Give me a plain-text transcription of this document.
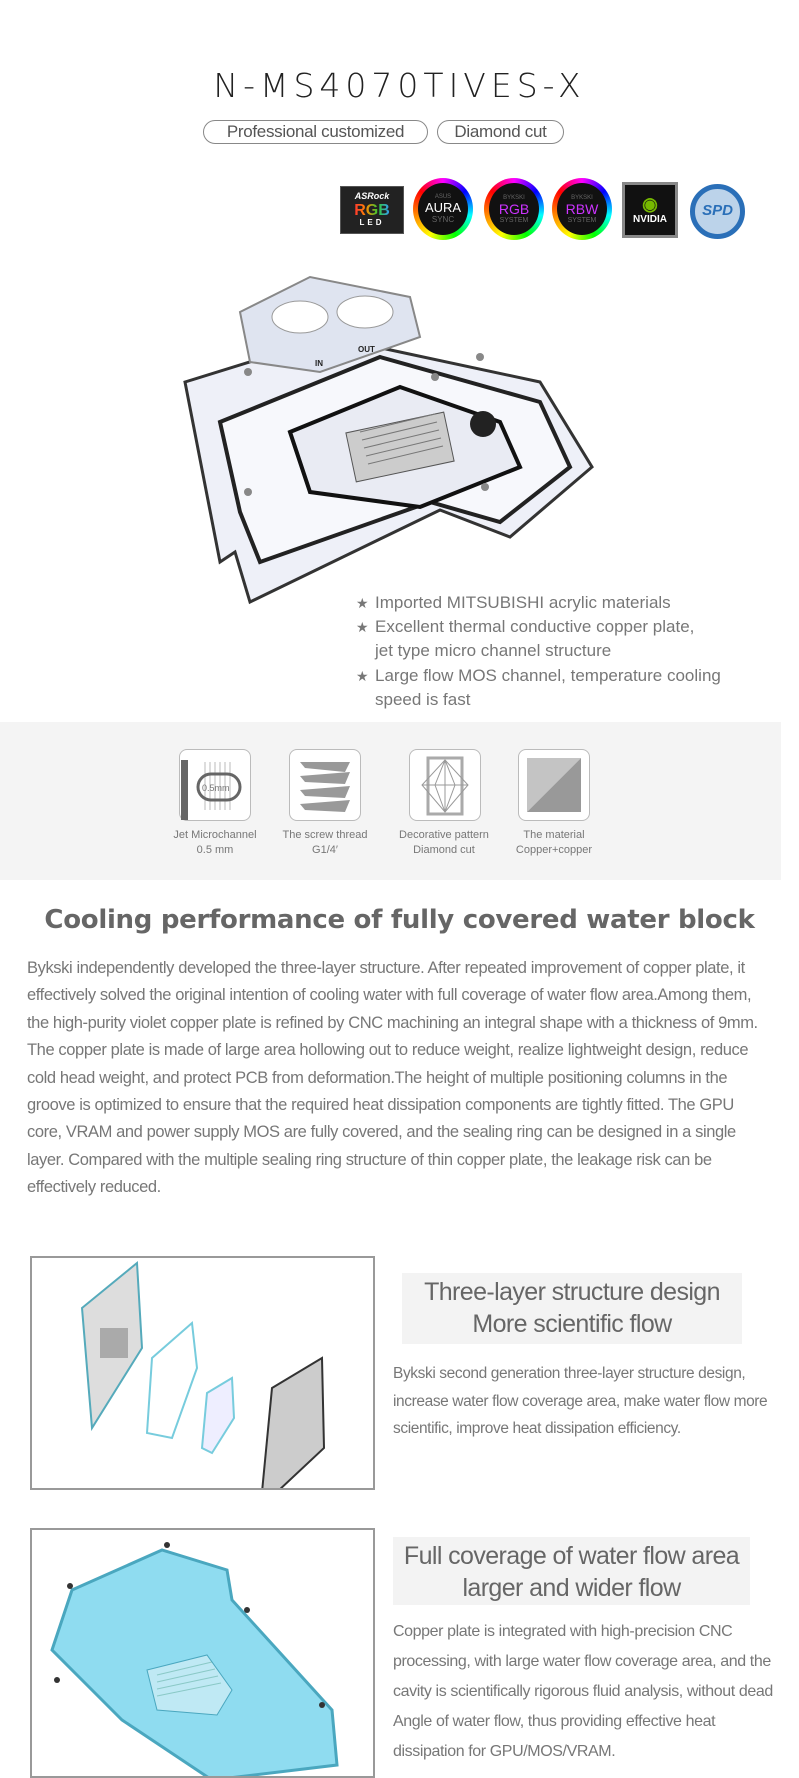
N-MS4070TIVES-X
Professional customized	Diamond cut
ASRock
RGB
LED
ASUS
AURA
SYNC
BYKSKI
RGB
SYSTEM
BYKSKI
RBW
SYSTEM
◉
NVIDIA
SPD
IN
OUT
★ Imported MITSUBISHI acrylic materials
★ Excellent thermal conductive copper plate,
jet type micro channel structure
★ Large flow MOS channel, temperature cooling
speed is fast
0.5mm
Jet Microchannel
0.5 mm
The screw thread
G1/4′
Decorative pattern
Diamond cut
The material
Copper+copper
Cooling performance of fully covered water block
Bykski independently developed the three-layer structure. After repeated improvement of copper plate, it effectively solved the original intention of cooling water with full coverage of water flow area.Among them, the high-purity violet copper plate is refined by CNC machining an integral shape with a thickness of 9mm. The copper plate is made of large area hollowing out to reduce weight, realize lightweight design, reduce cold head weight, and protect PCB from deformation.The height of multiple positioning columns in the groove is optimized to ensure that the required heat dissipation components are tightly fitted. The GPU core, VRAM and power supply MOS are fully covered, and the sealing ring can be designed in a single layer. Compared with the multiple sealing ring structure of thin copper plate, the leakage risk can be effectively reduced.
Three-layer structure design
More scientific flow
Bykski second generation three-layer structure design, increase water flow coverage area, make water flow more scientific, improve heat dissipation efficiency.
Full coverage of water flow area
larger and wider flow
Copper plate is integrated with high-precision CNC processing, with large water flow coverage area, and the cavity is scientifically rigorous fluid analysis, without dead Angle of water flow, thus providing effective heat dissipation for GPU/MOS/VRAM.
